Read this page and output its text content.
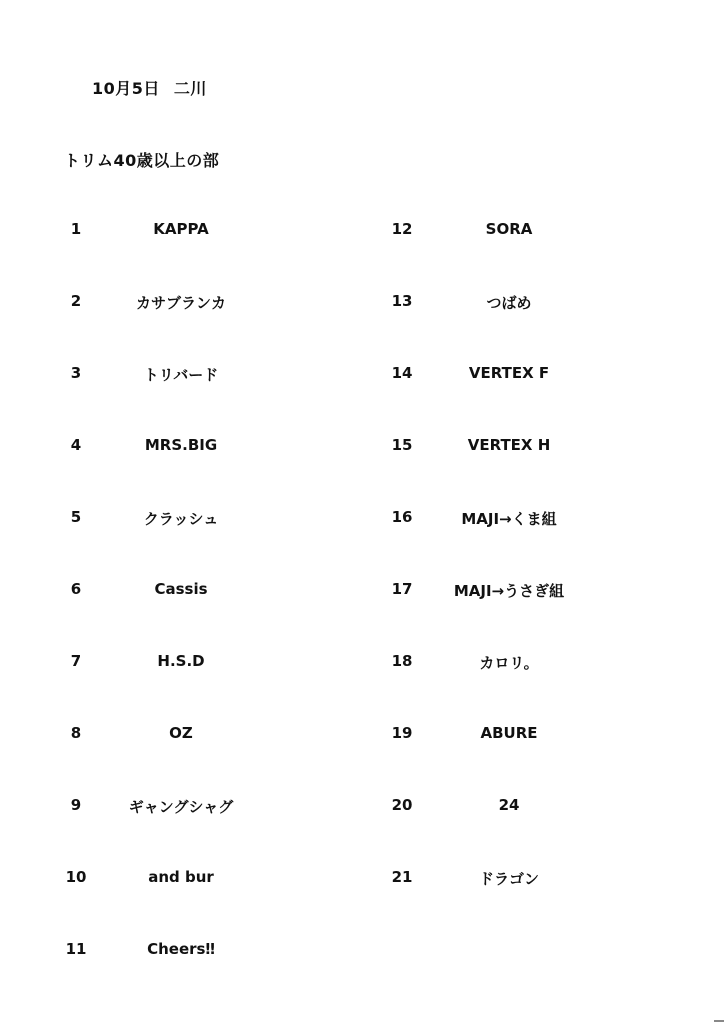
10月5日 二川
トリム40歳以上の部
1	KAPPA
2	カサブランカ
3	トリバード
4	MRS.BIG
5	クラッシュ
6	Cassis
7	H.S.D
8	OZ
9	ギャングシャグ
10	and bur
11	Cheers‼
12	SORA
13	つばめ
14	VERTEX F
15	VERTEX H
16	MAJI→くま組
17	MAJI→うさぎ組
18	カロリ。
19	ABURE
20	24
21	ドラゴン
